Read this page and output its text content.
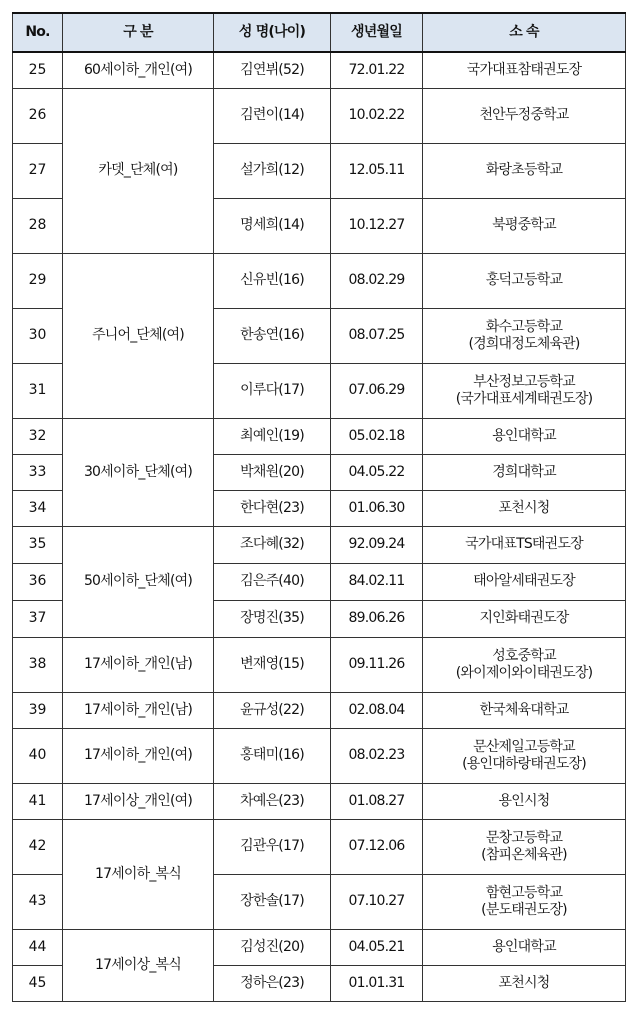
No.	구 분	성 명(나이)	생년월일	소 속
25	60세이하_개인(여)	김연뷔(52)	72.01.22	국가대표참태권도장
26	카뎃_단체(여)	김련이(14)	10.02.22	천안두정중학교
27		설가희(12)	12.05.11	화랑초등학교
28		명세희(14)	10.12.27	북평중학교
29	주니어_단체(여)	신유빈(16)	08.02.29	홍덕고등학교
30		한송연(16)	08.07.25	화수고등학교
(경희대정도체육관)

31		이루다(17)	07.06.29	부산정보고등학교
(국가대표세계태권도장)

32	30세이하_단체(여)	최예인(19)	05.02.18	용인대학교
33		박채원(20)	04.05.22	경희대학교
34		한다현(23)	01.06.30	포천시청
35	50세이하_단체(여)	조다혜(32)	92.09.24	국가대표TS태권도장
36		김은주(40)	84.02.11	태아알세태권도장
37		장명진(35)	89.06.26	지인화태권도장
38	17세이하_개인(남)	변재영(15)	09.11.26	성호중학교
(와이제이와이태권도장)

39	17세이하_개인(남)	윤규성(22)	02.08.04	한국체육대학교
40	17세이하_개인(여)	홍태미(16)	08.02.23	문산제일고등학교
(용인대하랑태권도장)

41	17세이상_개인(여)	차예은(23)	01.08.27	용인시청
42	17세이하_복식	김관우(17)	07.12.06	문창고등학교
(참피온체육관)

43		장한솔(17)	07.10.27	함현고등학교
(분도태권도장)

44	17세이상_복식	김성진(20)	04.05.21	용인대학교
45		정하은(23)	01.01.31	포천시청
